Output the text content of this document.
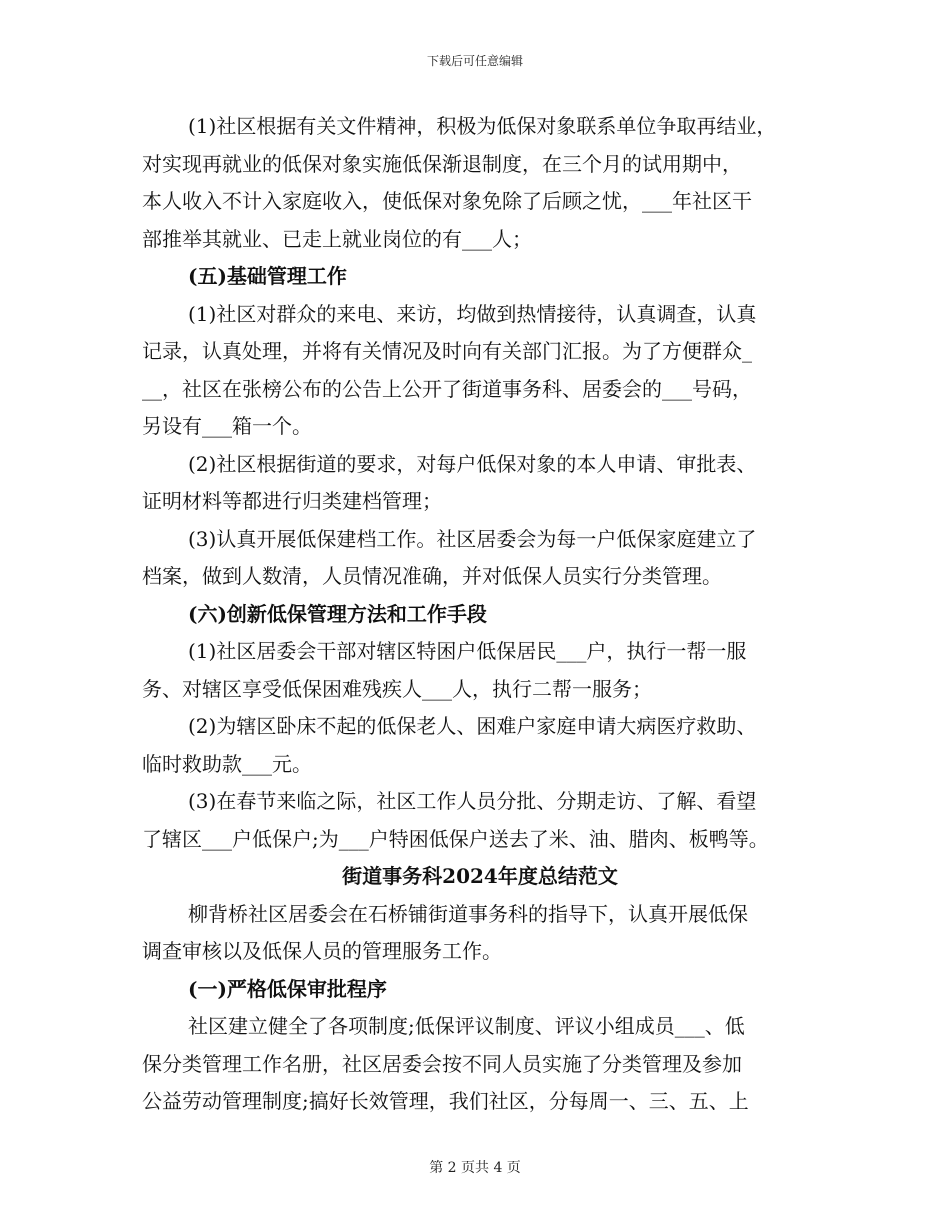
下载后可任意编辑
(1)社区根据有关文件精神，积极为低保对象联系单位争取再结业，
对实现再就业的低保对象实施低保渐退制度，在三个月的试用期中，
本人收入不计入家庭收入，使低保对象免除了后顾之忧，___年社区干
部推举其就业、已走上就业岗位的有___人；
(五)基础管理工作
(1)社区对群众的来电、来访，均做到热情接待，认真调查，认真
记录，认真处理，并将有关情况及时向有关部门汇报。为了方便群众_
__，社区在张榜公布的公告上公开了街道事务科、居委会的___号码，
另设有___箱一个。
(2)社区根据街道的要求，对每户低保对象的本人申请、审批表、
证明材料等都进行归类建档管理；
(3)认真开展低保建档工作。社区居委会为每一户低保家庭建立了
档案，做到人数清，人员情况准确，并对低保人员实行分类管理。
(六)创新低保管理方法和工作手段
(1)社区居委会干部对辖区特困户低保居民___户，执行一帮一服
务、对辖区享受低保困难残疾人___人，执行二帮一服务；
(2)为辖区卧床不起的低保老人、困难户家庭申请大病医疗救助、
临时救助款___元。
(3)在春节来临之际，社区工作人员分批、分期走访、了解、看望
了辖区___户低保户;为___户特困低保户送去了米、油、腊肉、板鸭等。
街道事务科2024年度总结范文
柳背桥社区居委会在石桥铺街道事务科的指导下，认真开展低保
调查审核以及低保人员的管理服务工作。
(一)严格低保审批程序
社区建立健全了各项制度;低保评议制度、评议小组成员___、低
保分类管理工作名册，社区居委会按不同人员实施了分类管理及参加
公益劳动管理制度;搞好长效管理，我们社区，分每周一、三、五、上
第 2 页共 4 页
